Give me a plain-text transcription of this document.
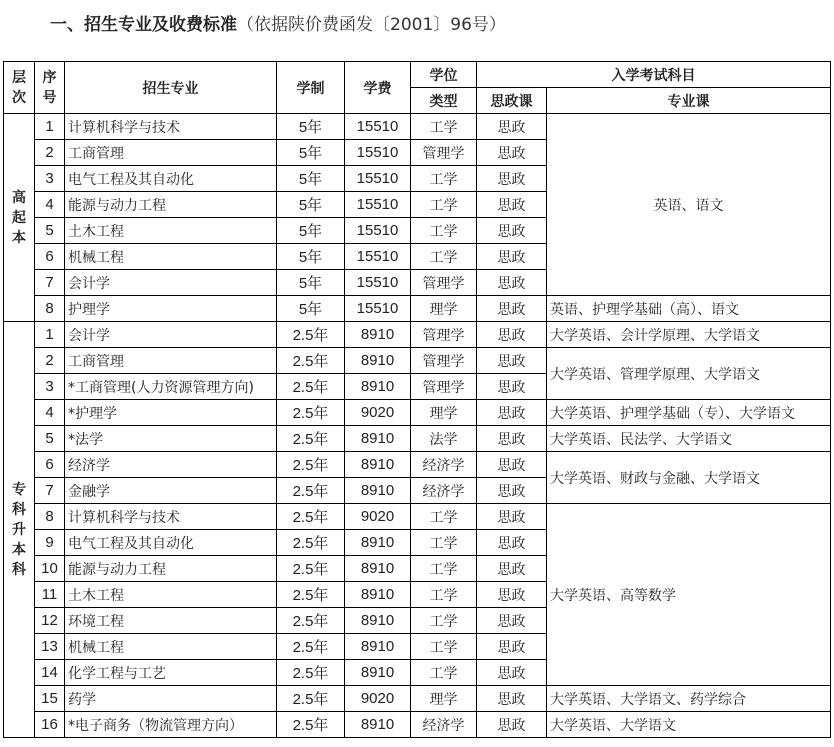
一、招生专业及收费标准（依据陕价费函发〔2001〕96号）
层次	序号	招生专业	学制	学费	学位	入学考试科目	
					类型	思政课	专业课
高起本	1	计算机科学与技术	5年	15510	工学	思政	英语、语文
	2	工商管理	5年	15510	管理学	思政	
	3	电气工程及其自动化	5年	15510	工学	思政	
	4	能源与动力工程	5年	15510	工学	思政	
	5	土木工程	5年	15510	工学	思政	
	6	机械工程	5年	15510	工学	思政	
	7	会计学	5年	15510	管理学	思政	
	8	护理学	5年	15510	理学	思政	英语、护理学基础（高）、语文
专科升本科	1	会计学	2.5年	8910	管理学	思政	大学英语、会计学原理、大学语文
	2	工商管理	2.5年	8910	管理学	思政	大学英语、管理学原理、大学语文
	3	*工商管理(人力资源管理方向)	2.5年	8910	管理学	思政	
	4	*护理学	2.5年	9020	理学	思政	大学英语、护理学基础（专）、大学语文
	5	*法学	2.5年	8910	法学	思政	大学英语、民法学、大学语文
	6	经济学	2.5年	8910	经济学	思政	大学英语、财政与金融、大学语文
	7	金融学	2.5年	8910	经济学	思政	
	8	计算机科学与技术	2.5年	9020	工学	思政	大学英语、高等数学
	9	电气工程及其自动化	2.5年	8910	工学	思政	
	10	能源与动力工程	2.5年	8910	工学	思政	
	11	土木工程	2.5年	8910	工学	思政	
	12	环境工程	2.5年	8910	工学	思政	
	13	机械工程	2.5年	8910	工学	思政	
	14	化学工程与工艺	2.5年	8910	工学	思政	
	15	药学	2.5年	9020	理学	思政	大学英语、大学语文、药学综合
	16	*电子商务（物流管理方向）	2.5年	8910	经济学	思政	大学英语、大学语文
